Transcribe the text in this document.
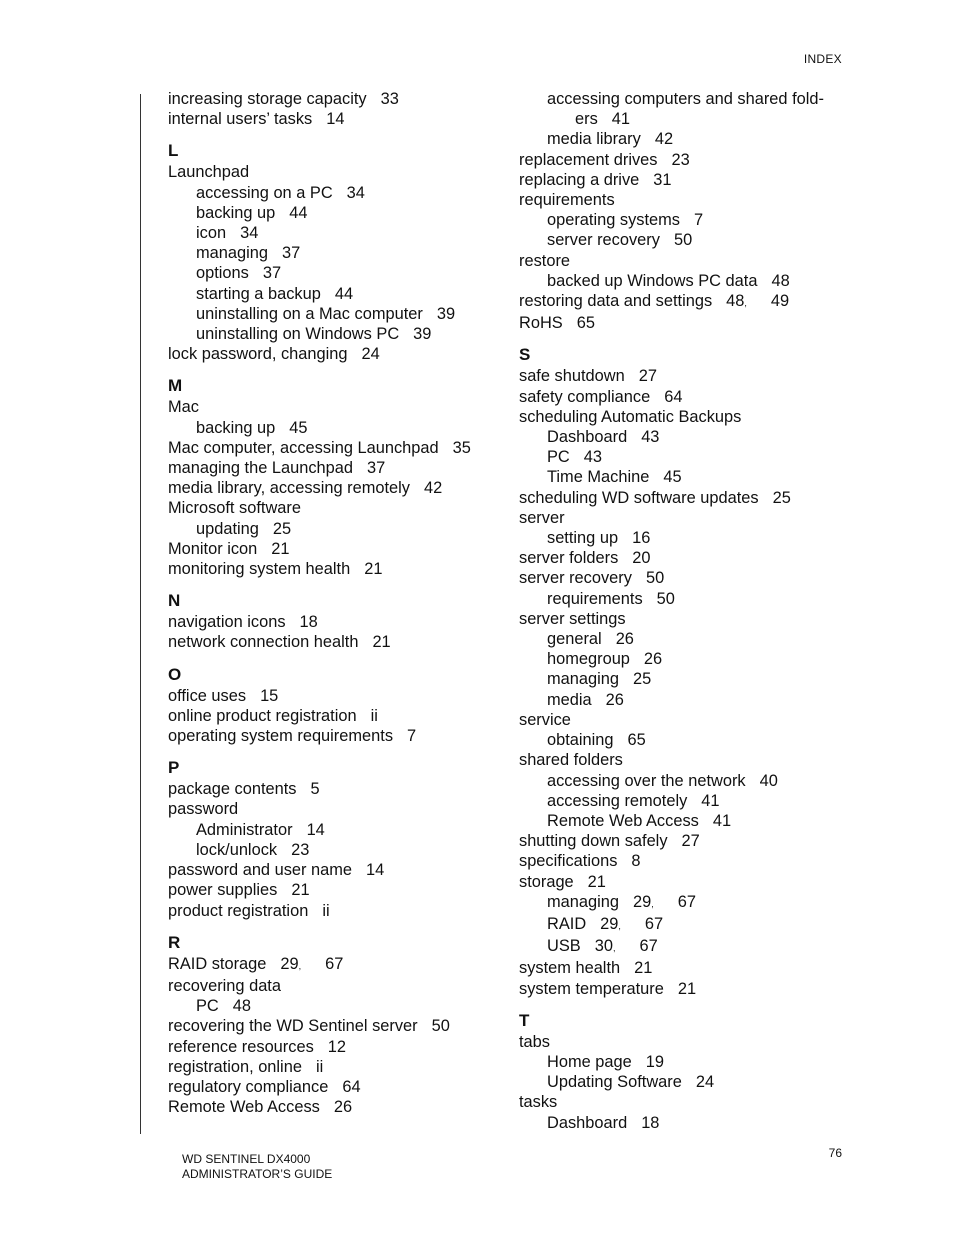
INDEX
increasing storage capacity 33
internal users’ tasks 14
L
Launchpad
accessing on a PC 34
backing up 44
icon 34
managing 37
options 37
starting a backup 44
uninstalling on a Mac computer 39
uninstalling on Windows PC 39
lock password, changing 24
M
Mac
backing up 45
Mac computer, accessing Launchpad 35
managing the Launchpad 37
media library, accessing remotely 42
Microsoft software
updating 25
Monitor icon 21
monitoring system health 21
N
navigation icons 18
network connection health 21
O
office uses 15
online product registration ii
operating system requirements 7
P
package contents 5
password
Administrator 14
lock/unlock 23
password and user name 14
power supplies 21
product registration ii
R
RAID storage 29, 67
recovering data
PC 48
recovering the WD Sentinel server 50
reference resources 12
registration, online ii
regulatory compliance 64
Remote Web Access 26
accessing computers and shared fold-ers 41
media library 42
replacement drives 23
replacing a drive 31
requirements
operating systems 7
server recovery 50
restore
backed up Windows PC data 48
restoring data and settings 48, 49
RoHS 65
S
safe shutdown 27
safety compliance 64
scheduling Automatic Backups
Dashboard 43
PC 43
Time Machine 45
scheduling WD software updates 25
server
setting up 16
server folders 20
server recovery 50
requirements 50
server settings
general 26
homegroup 26
managing 25
media 26
service
obtaining 65
shared folders
accessing over the network 40
accessing remotely 41
Remote Web Access 41
shutting down safely 27
specifications 8
storage 21
managing 29, 67
RAID 29, 67
USB 30, 67
system health 21
system temperature 21
T
tabs
Home page 19
Updating Software 24
tasks
Dashboard 18
WD SENTINEL DX4000
ADMINISTRATOR’S GUIDE
76
